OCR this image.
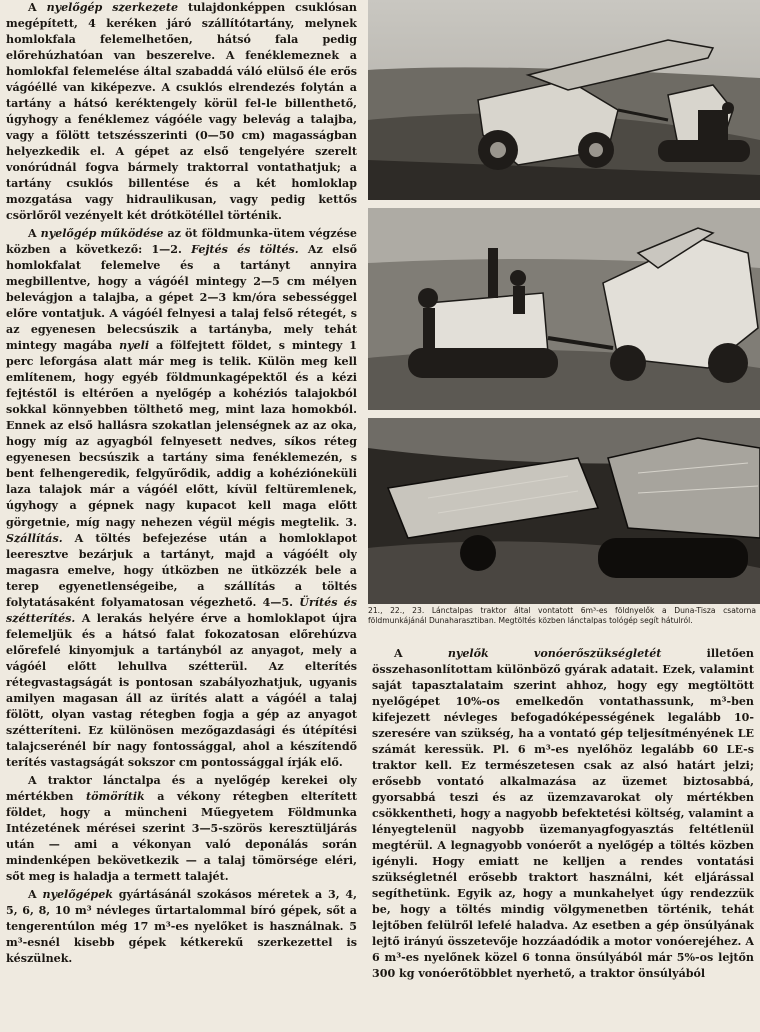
A nyelőgép szerkezete tulajdonképpen csuklósan megépített, 4 keréken járó szállítótartány, melynek homlokfala felemelhetően, hátsó fala pedig előrehúzhatóan van beszerelve. A fenéklemeznek a homlokfal felemelése által szabaddá váló elülső éle erős vágóéllé van kiképezve. A csuklós elrendezés folytán a tartány a hátsó keréktengely körül fel-le billenthető, úgyhogy a fenéklemez vágóéle vagy belevág a talajba, vagy a fölött tetszésszerinti (0—50 cm) magasságban helyezkedik el. A gépet az első tengelyére szerelt vonórúdnál fogva bármely traktorral vontathatjuk; a tartány csuklós billentése és a két homloklap mozgatása vagy hidraulikusan, vagy pedig kettős csörlőről vezényelt két drótkötéllel történik.

A nyelőgép működése az öt földmunka-ütem végzése közben a következő: 1—2. Fejtés és töltés. Az első homlokfalat felemelve és a tartányt annyira megbillentve, hogy a vágóél mintegy 2—5 cm mélyen belevágjon a talajba, a gépet 2—3 km/óra sebességgel előre vontatjuk. A vágóél felnyesi a talaj felső rétegét, s az egyenesen belecsúszik a tartányba, mely tehát mintegy magába nyeli a fölfejtett földet, s mintegy 1 perc leforgása alatt már meg is telik. Külön meg kell említenem, hogy egyéb földmunkagépektől és a kézi fejtéstől is eltérően a nyelőgép a kohéziós talajokból sokkal könnyebben tölthető meg, mint laza homokból. Ennek az első hallásra szokatlan jelenségnek az az oka, hogy míg az agyagból felnyesett nedves, síkos réteg egyenesen becsúszik a tartány sima fenéklemezén, s bent felhengeredik, felgyűrődik, addig a kohézióneküli laza talajok már a vágóél előtt, kívül feltüremlenek, úgyhogy a gépnek nagy kupacot kell maga előtt görgetnie, míg nagy nehezen végül mégis megtelik. 3. Szállítás. A töltés befejezése után a homloklapot leeresztve bezárjuk a tartányt, majd a vágóélt oly magasra emelve, hogy útközben ne ütközzék bele a terep egyenetlenségeibe, a szállítás a töltés folytatásaként folyamatosan végezhető. 4—5. Ürítés és szétterítés. A lerakás helyére érve a homloklapot újra felemeljük és a hátsó falat fokozatosan előrehúzva előrefelé kinyomjuk a tartányból az anyagot, mely a vágóél előtt lehullva szétterül. Az elterítés rétegvastagságát is pontosan szabályozhatjuk, ugyanis amilyen magasan áll az ürítés alatt a vágóél a talaj fölött, olyan vastag rétegben fogja a gép az anyagot szétteríteni. Ez különösen mezőgazdasági és útépítési talajcserénél bír nagy fontossággal, ahol a készítendő terítés vastagságát sokszor cm pontossággal írják elő.

A traktor lánctalpa és a nyelőgép kerekei oly mértékben tömörítik a vékony rétegben elterített földet, hogy a müncheni Műegyetem Földmunka Intézetének mérései szerint 3—5-szörös keresztüljárás után — ami a vékonyan való deponálás során mindenképen bekövetkezik — a talaj tömörsége eléri, sőt meg is haladja a termett talajét.

A nyelőgépek gyártásánál szokásos méretek a 3, 4, 5, 6, 8, 10 m³ névleges űrtartalommal bíró gépek, sőt a tengerentúlon még 17 m³-es nyelőket is használnak. 5 m³-esnél kisebb gépek kétkerekű szerkezettel is készülnek.

21., 22., 23. Lánctalpas traktor által vontatott 6m³-es földnyelők a Duna-Tisza csatorna földmunkájánál Dunaharasztiban. Megtöltés közben lánctalpas tológép segít hátulról.

A nyelők vonóerőszükségletét illetően összehasonlítottam különböző gyárak adatait. Ezek, valamint saját tapasztalataim szerint ahhoz, hogy egy megtöltött nyelőgépet 10%-os emelkedőn vontathassunk, m³-ben kifejezett névleges befogadóképességének legalább 10-szeresére van szükség, ha a vontató gép teljesítményének LE számát keressük. Pl. 6 m³-es nyelőhöz legalább 60 LE-s traktor kell. Ez természetesen csak az alsó határt jelzi; erősebb vontató alkalmazása az üzemet biztosabbá, gyorsabbá teszi és az üzemzavarokat oly mértékben csökkentheti, hogy a nagyobb befektetési költség, valamint a lényegtelenül nagyobb üzemanyagfogyasztás feltétlenül megtérül. A legnagyobb vonóerőt a nyelőgép a töltés közben igényli. Hogy emiatt ne kelljen a rendes vontatási szükségletnél erősebb traktort használni, két eljárással segíthetünk. Egyik az, hogy a munkahelyet úgy rendezzük be, hogy a töltés mindig völgymenetben történik, tehát lejtőben felülről lefelé haladva. Az esetben a gép önsúlyának lejtő irányú összetevője hozzáadódik a motor vonóerejéhez. A 6 m³-es nyelőnek közel 6 tonna önsúlyából már 5%-os lejtőn 300 kg vonóerőtöbblet nyerhető, a traktor önsúlyából
